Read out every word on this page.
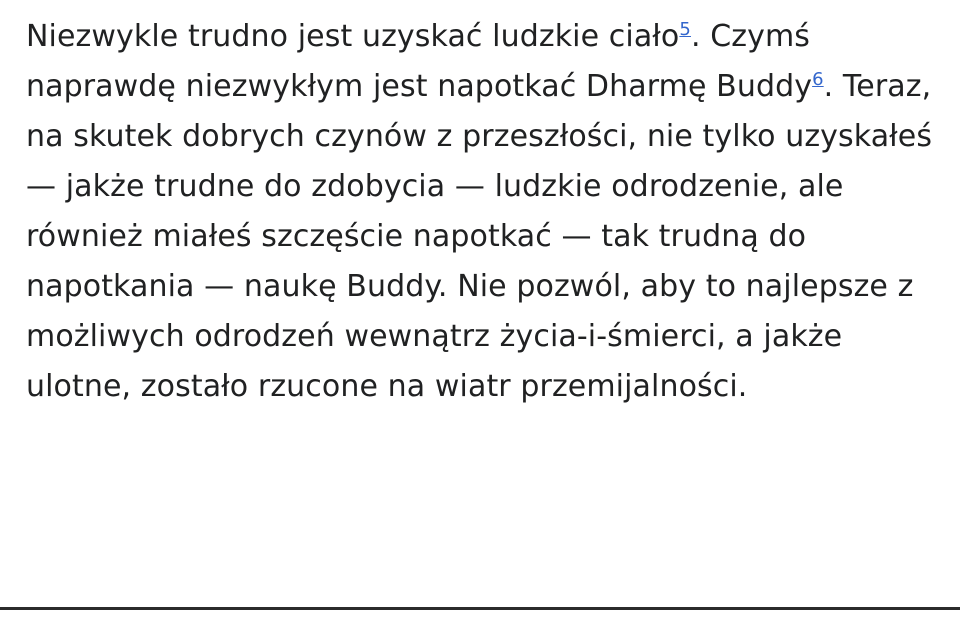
Niezwykle trudno jest uzyskać ludzkie ciało$^5$. Czymś naprawdę niezwykłym jest napotkać Dharmę Buddy$^6$. Teraz, na skutek dobrych czynów z przeszłości, nie tylko uzyskałeś — jakże trudne do zdobycia — ludzkie odrodzenie, ale również miałeś szczęście napotkać — tak trudną do napotkania — naukę Buddy. Nie pozwól, aby to najlepsze z możliwych odrodzeń wewnątrz życia-i-śmierci, a jakże ulotne, zostało rzucone na wiatr przemijalności.
